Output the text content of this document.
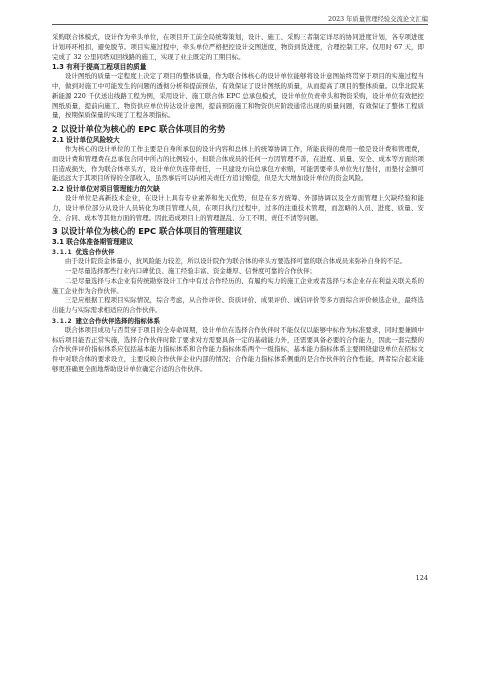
2023 年质量管理经验交流论文汇编

采购联合体模式，设计作为牵头单位，在项目开工前全局统筹策划，设计、施工、采购三者制定详尽的协同进度计划，各专项进度计划环环相扣，避免脱节。项目实施过程中，牵头单位严格把控设计交图进度，物资到货进度，合理控制工序。仅用时 67 天，即完成了 32 公里同塔双回线路的施工，实现了业主既定的工期目标。

1.3 有利于提高工程项目的质量

设计图纸的质量一定程度上决定了项目的整体质量，作为联合体核心的设计单位能够将设计意图始终贯穿于项目的实施过程当中，做到对施工中可能发生的问题的透彻分析和提前预估，有效保证了设计图纸的质量，从而提高了项目的整体质量。以华北院某新能源 220 千伏送出线路工程为例，采用设计、施工联合体 EPC 总承包模式，设计单位负责牵头和物资采购，设计单位有效把控图纸质量，提前向施工、物资供应单位传达设计意图，提前预防施工和物资供应阶段通常出现的质量问题，有效保证了整体工程质量，按期保质保量的实现了工程各项指标。

2 以设计单位为核心的 EPC 联合体项目的劣势
2.1 设计单位风险较大

作为核心的设计单位的工作主要是自身所承包的设计内容和总体上的统筹协调工作，所能获得的费用一般是设计费和管理费，而设计费和管理费在总承包合同中所占的比例较小，但联合体成员的任何一方因管理不善，在进度、质量、安全、成本等方面给项目造成损失，作为联合体牵头方，设计单位负连带责任，一旦建设方向总承包方索赔，可能需要牵头单位先行垫付，而垫付金额可能远远大于其项目所得的全部收入，虽然事后可以向相关责任方追讨赔偿，但是大大增加设计单位的资金风险。

2.2 设计单位对项目管理能力的欠缺

设计单位是高新技术企业，在设计上具有专业素养和先天优势，但是在多方统筹、外部协调以及全方面管理上欠缺经验和能力，设计单位部分从设计人员转化为项目管理人员，在项目执行过程中，过多的注重技术管理，而忽略的人员、进度、质量、安全、合同、成本等其他方面的管理。因此造成项目上的管理混乱、分工不明、责任不清等问题。

3 以设计单位为核心的 EPC 联合体项目的管理建议
3.1 联合体准备期管理建议
3.1.1 优选合作伙伴

由于设计院资金体量小，抗风险能力较差，所以设计院作为联合体的牵头方要选择可靠的联合体成员来弥补自身的不足。

一是尽量选择那些行业内口碑优良、施工经验丰富、资金雄厚、信誉度可靠的合作伙伴；

二是尽量选择与本企业有传统勘察设计工作中有过合作经历的、有履约实力的施工企业或者选择与本企业存在利益关联关系的施工企业作为合作伙伴。

三是应根据工程项目实际情况，综合考虑，从合作评价、资质评价、成果评价、诚信评价等多方面综合评价候选企业，最终选出能力与实际需求相适应的合作伙伴。

3.1.2 建立合作伙伴选择的指标体系

联合体项目成功与否贯穿于项目的全寿命周期，设计单位在选择合作伙伴时不能仅仅以能够中标作为标准要求，同时要兼顾中标后项目能否正常实施，选择合作伙伴时除了要求对方需要具备一定的基础能力外，还需要具备必要的合作能力，因此一套完整的合作伙伴评价指标体系应包括基本能力指标体系和合作能力指标体系两个一级指标，基本能力指标体系主要围绕建设单位在招标文件中对联合体的要求设立，主要反映合作伙伴企业内部的情况；合作能力指标体系侧重的是合作伙伴的合作性能，两者综合起来能够更准确更全面地帮助设计单位确定合适的合作伙伴。

124
